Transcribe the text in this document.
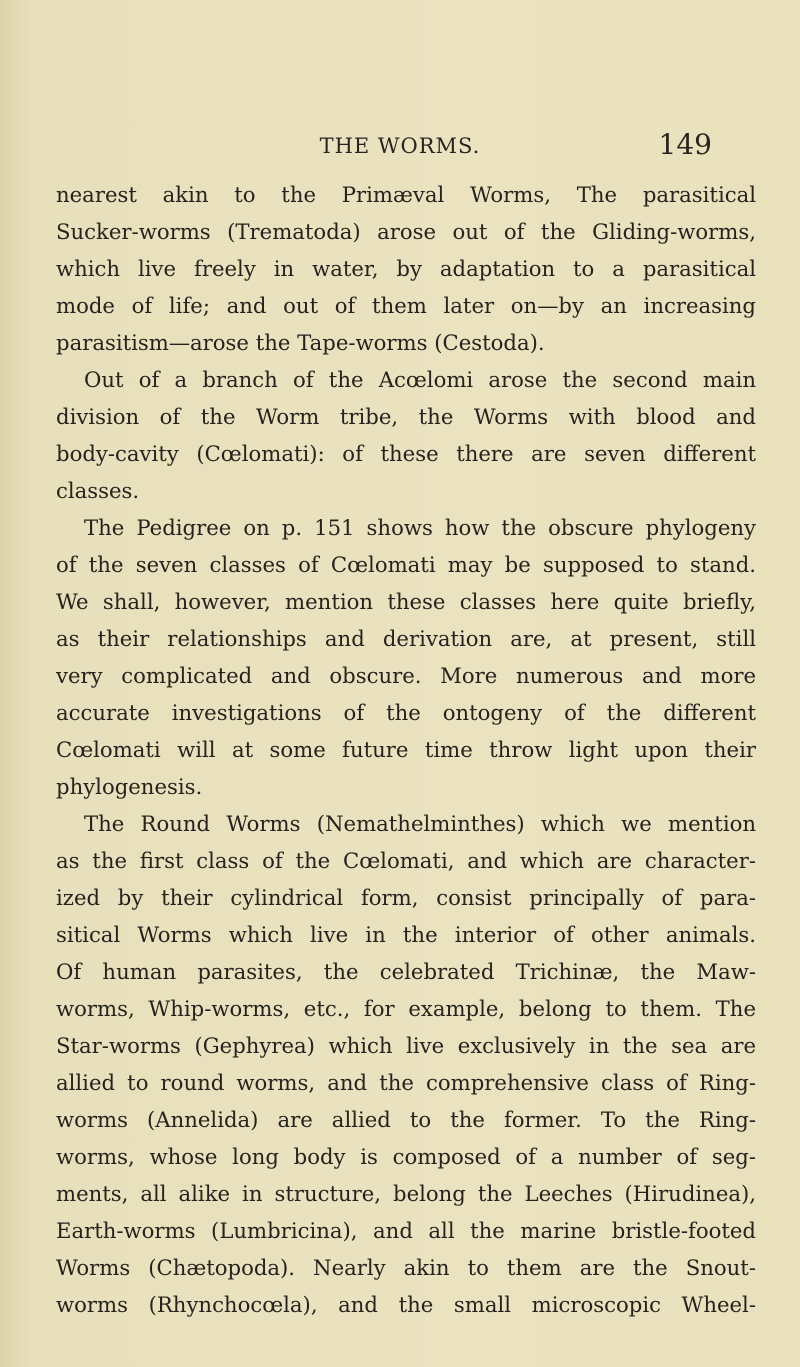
THE WORMS.	149
nearest akin to the Primæval Worms, The parasitical
Sucker-worms (Trematoda) arose out of the Gliding-worms,
which live freely in water, by adaptation to a parasitical
mode of life; and out of them later on—by an increasing
parasitism—arose the Tape-worms (Cestoda).
Out of a branch of the Acœlomi arose the second main
division of the Worm tribe, the Worms with blood and
body-cavity (Cœlomati): of these there are seven different
classes.
The Pedigree on p. 151 shows how the obscure phylogeny
of the seven classes of Cœlomati may be supposed to stand.
We shall, however, mention these classes here quite briefly,
as their relationships and derivation are, at present, still
very complicated and obscure. More numerous and more
accurate investigations of the ontogeny of the different
Cœlomati will at some future time throw light upon their
phylogenesis.
The Round Worms (Nemathelminthes) which we mention
as the first class of the Cœlomati, and which are character-
ized by their cylindrical form, consist principally of para-
sitical Worms which live in the interior of other animals.
Of human parasites, the celebrated Trichinæ, the Maw-
worms, Whip-worms, etc., for example, belong to them. The
Star-worms (Gephyrea) which live exclusively in the sea are
allied to round worms, and the comprehensive class of Ring-
worms (Annelida) are allied to the former. To the Ring-
worms, whose long body is composed of a number of seg-
ments, all alike in structure, belong the Leeches (Hirudinea),
Earth-worms (Lumbricina), and all the marine bristle-footed
Worms (Chætopoda). Nearly akin to them are the Snout-
worms (Rhynchocœla), and the small microscopic Wheel-
